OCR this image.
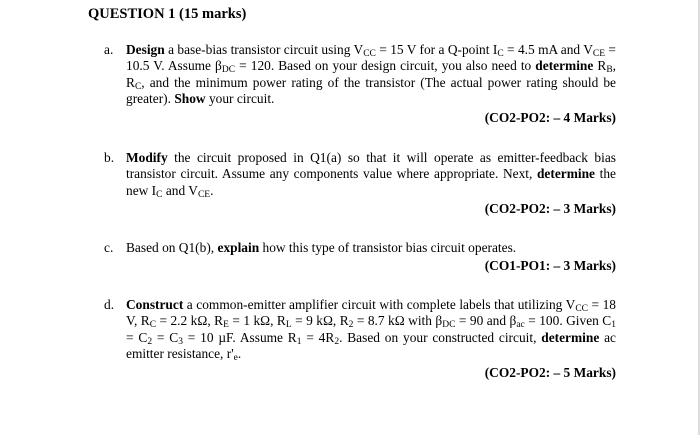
QUESTION 1 (15 marks)
a. Design a base-bias transistor circuit using $V_{CC} = 15$ V for a Q-point $I_C = 4.5$ mA and $V_{CE} = 10.5$ V. Assume $\beta_{DC} = 120$. Based on your design circuit, you also need to determine $R_B$, $R_C$, and the minimum power rating of the transistor (The actual power rating should be greater). Show your circuit.
(CO2-PO2: – 4 Marks)
b. Modify the circuit proposed in Q1(a) so that it will operate as emitter-feedback bias transistor circuit. Assume any components value where appropriate. Next, determine the new $I_C$ and $V_{CE}$.
(CO2-PO2: – 3 Marks)
c. Based on Q1(b), explain how this type of transistor bias circuit operates.
(CO1-PO1: – 3 Marks)
d. Construct a common-emitter amplifier circuit with complete labels that utilizing $V_{CC} = 18$ V, $R_C = 2.2$ kΩ, $R_E = 1$ kΩ, $R_L = 9$ kΩ, $R_2 = 8.7$ kΩ with $\beta_{DC} = 90$ and $\beta_{ac} = 100$. Given $C_1 = C_2 = C_3 = 10$ µF. Assume $R_1 = 4R_2$. Based on your constructed circuit, determine ac emitter resistance, $r'_e$.
(CO2-PO2: – 5 Marks)
